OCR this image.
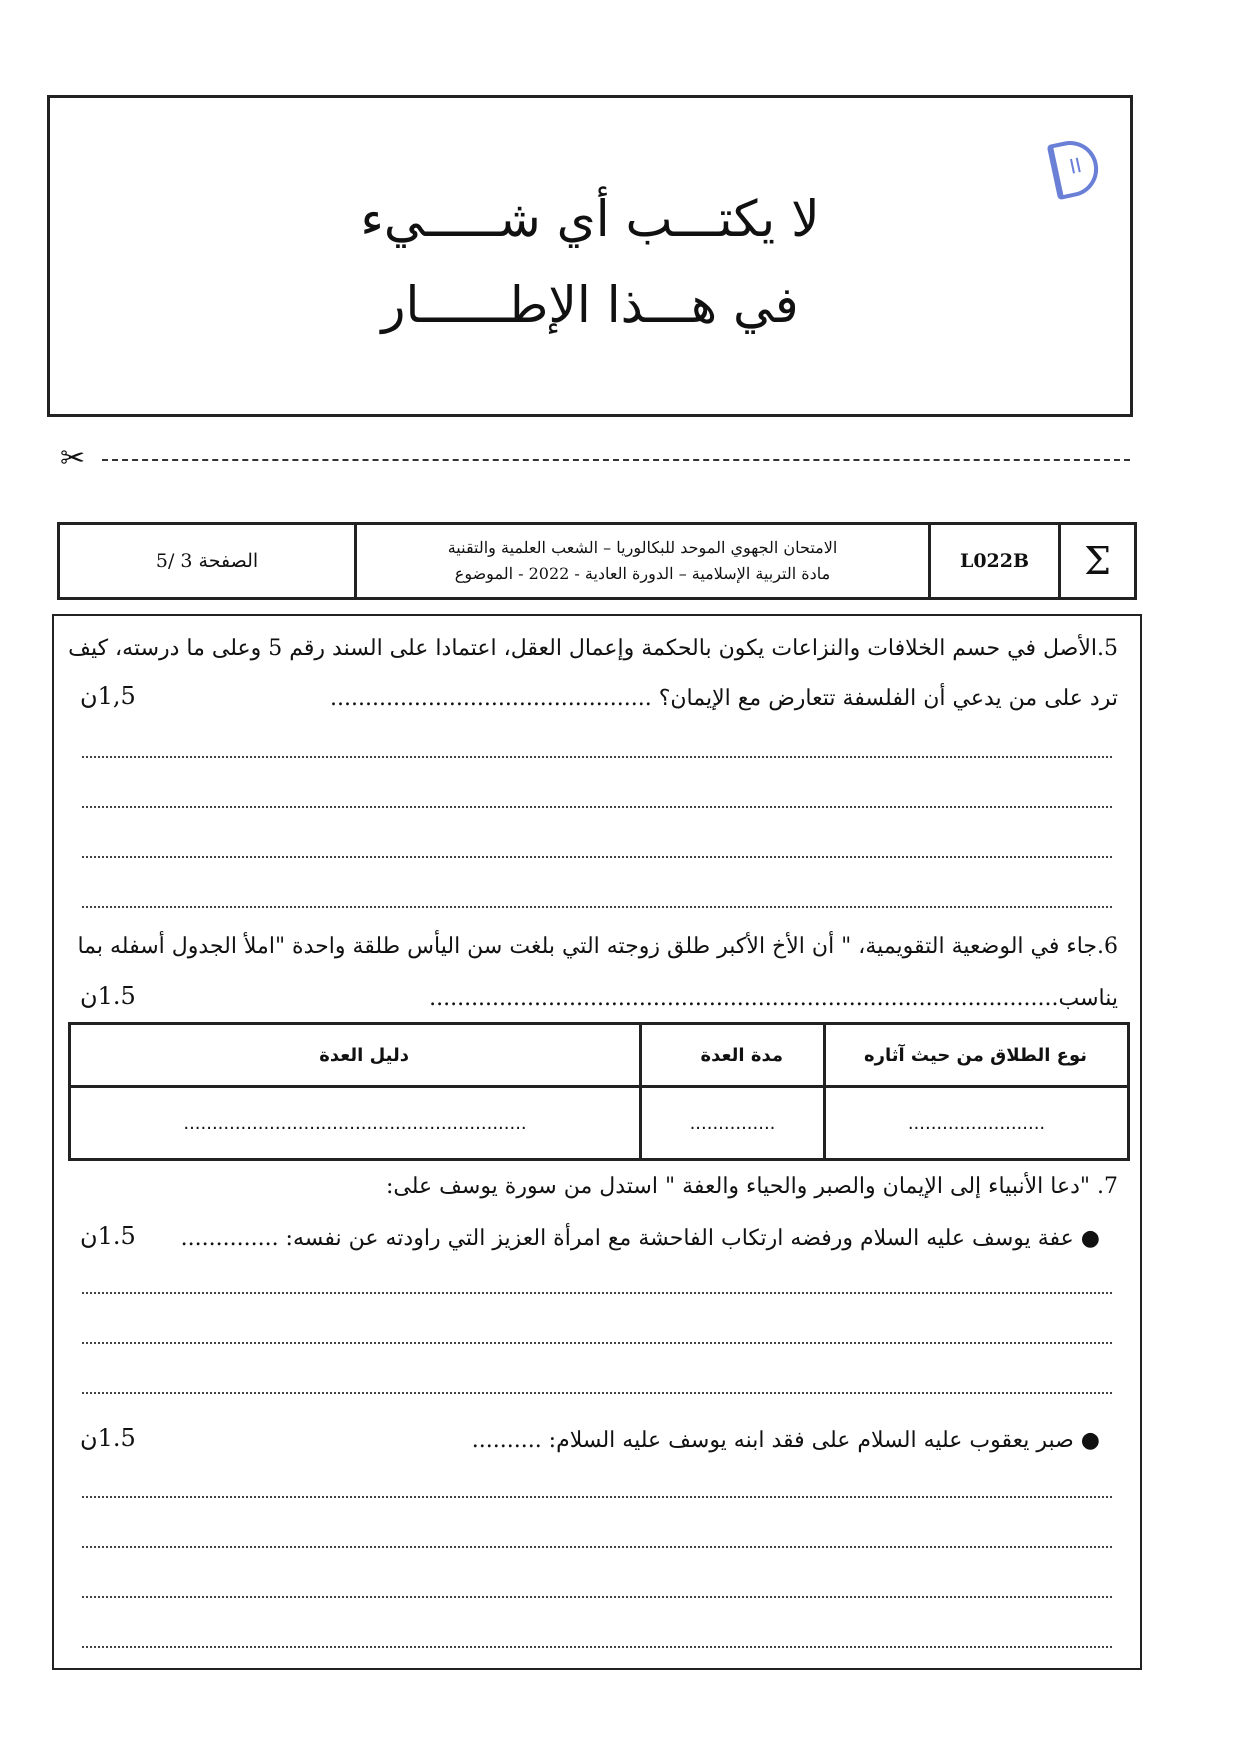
لا يكتـــب أي شـــــيء
في هـــذا الإطــــــار
II
✂
الصفحة 3 /5
الامتحان الجهوي الموحد للبكالوريا – الشعب العلمية والتقنية
مادة التربية الإسلامية – الدورة العادية - 2022 - الموضوع
L022B	Σ
5.الأصل في حسم الخلافات والنزاعات يكون بالحكمة وإعمال العقل، اعتمادا على السند رقم 5 وعلى ما درسته، كيف
ترد على من يدعي أن الفلسفة تتعارض مع الإيمان؟ ..............................................
1,5ن
6.جاء في الوضعية التقويمية، " أن الأخ الأكبر طلق زوجته التي بلغت سن اليأس طلقة واحدة "املأ الجدول أسفله بما
يناسب..........................................................................................
1.5ن
7. "دعا الأنبياء إلى الإيمان والصبر والحياء والعفة " استدل من سورة يوسف على:
● عفة يوسف عليه السلام ورفضه ارتكاب الفاحشة مع امرأة العزيز التي راودته عن نفسه: ..............
1.5ن
● صبر يعقوب عليه السلام على فقد ابنه يوسف عليه السلام: ..........
1.5ن
نوع الطلاق من حيث آثاره	مدة العدة	دليل العدة
........................	...............	............................................................
